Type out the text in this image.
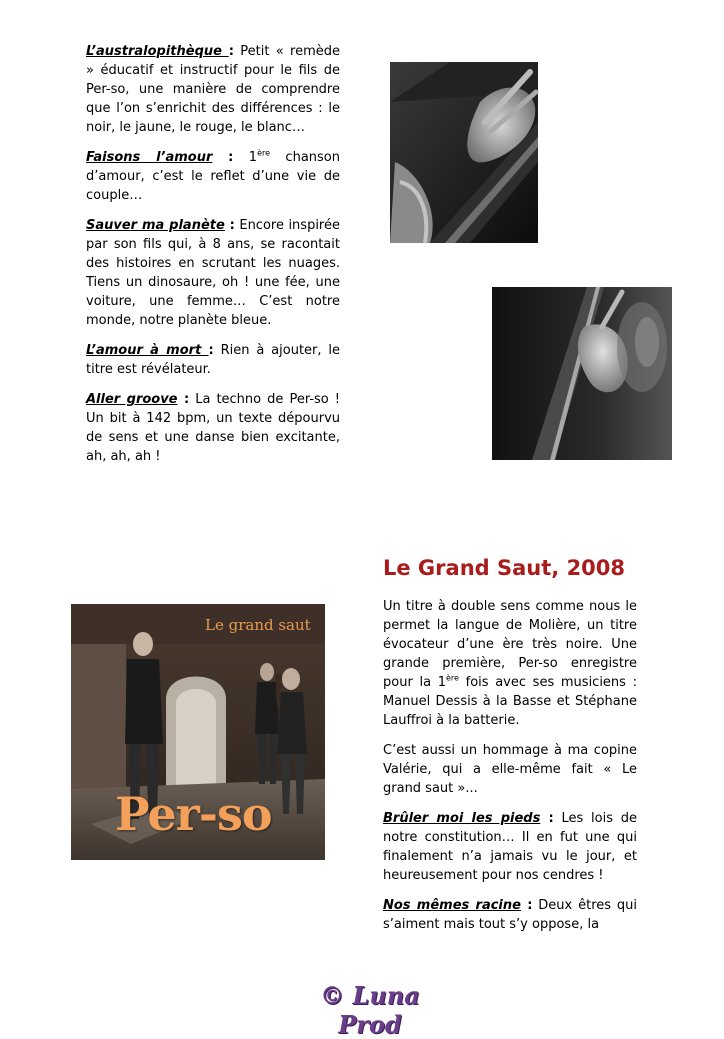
L’australopithèque : Petit « remède » éducatif et instructif pour le fils de Per-so, une manière de comprendre que l’on s’enrichit des différences : le noir, le jaune, le rouge, le blanc…

Faisons l’amour : 1ère chanson d’amour, c’est le reflet d’une vie de couple…

Sauver ma planète : Encore inspirée par son fils qui, à 8 ans, se racontait des histoires en scrutant les nuages. Tiens un dinosaure, oh ! une fée, une voiture, une femme… C’est notre monde, notre planète bleue.

L’amour à mort : Rien à ajouter, le titre est révélateur.

Aller groove : La techno de Per-so ! Un bit à 142 bpm, un texte dépourvu de sens et une danse bien excitante, ah, ah, ah !

Le Grand Saut, 2008

Un titre à double sens comme nous le permet la langue de Molière, un titre évocateur d’une ère très noire. Une grande première, Per-so enregistre pour la 1ère fois avec ses musiciens : Manuel Dessis à la Basse et Stéphane Lauffroi à la batterie.

C’est aussi un hommage à ma copine Valérie, qui a elle-même fait « Le grand saut »...

Brûler moi les pieds : Les lois de notre constitution… Il en fut une qui finalement n’a jamais vu le jour, et heureusement pour nos cendres !

Nos mêmes racine : Deux êtres qui s’aiment mais tout s’y oppose, la

Le grand saut
Per-so
© Luna Prod
